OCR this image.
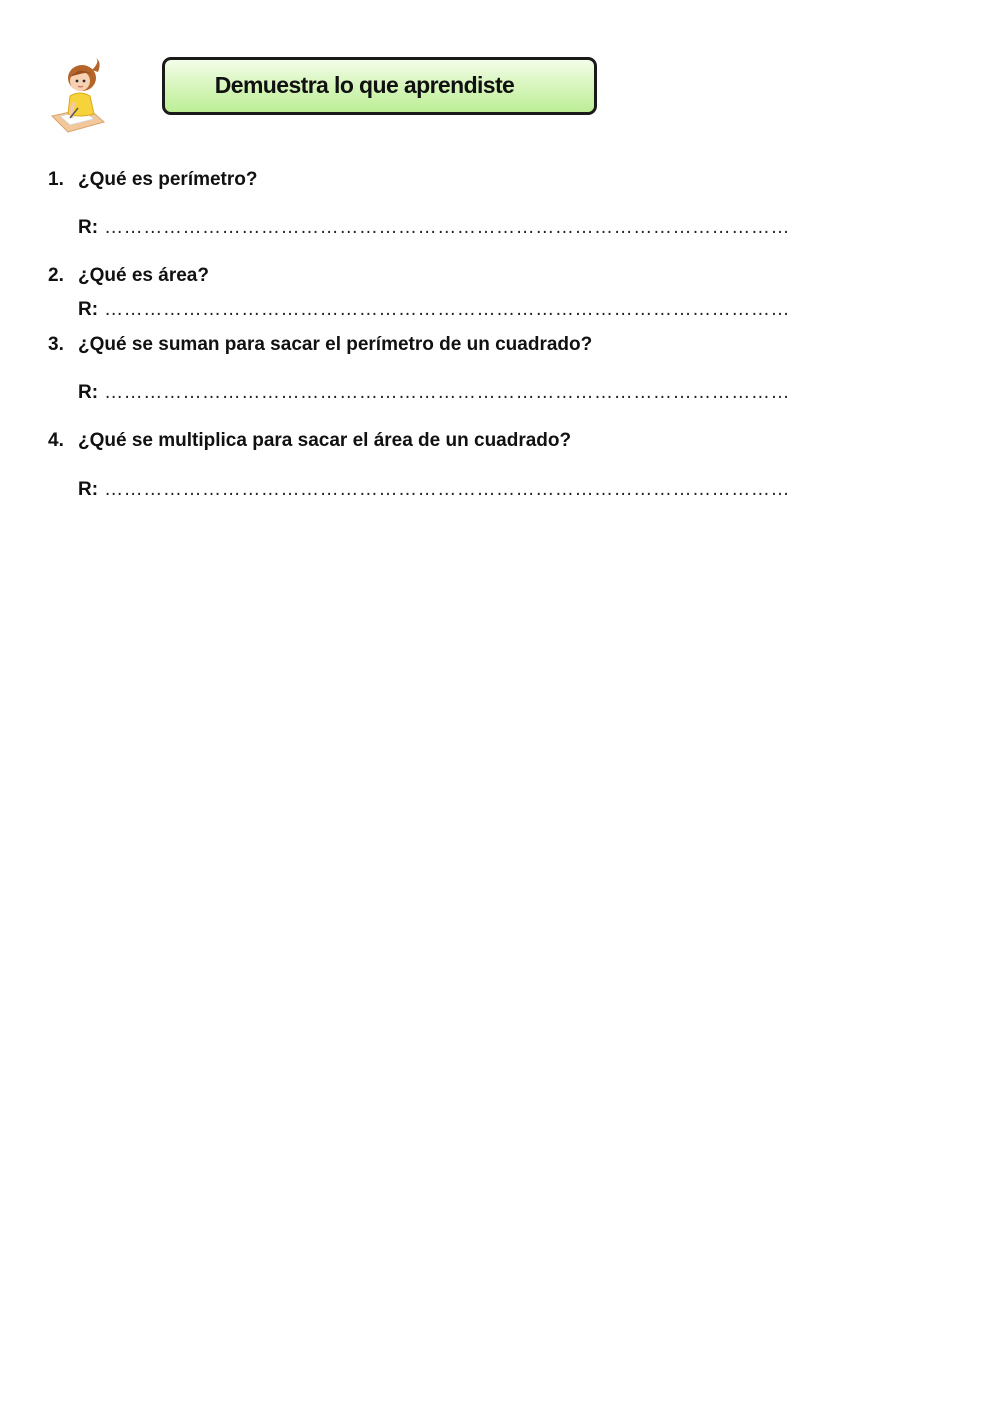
Demuestra lo que aprendiste
1. ¿Qué es perímetro?
R: ……………………………………………………………………………………………
2. ¿Qué es área?
R: ……………………………………………………………………………………………
3. ¿Qué se suman para sacar el perímetro de un cuadrado?
R: ……………………………………………………………………………………………
4. ¿Qué se multiplica para sacar el área de un cuadrado?
R: ……………………………………………………………………………………………
